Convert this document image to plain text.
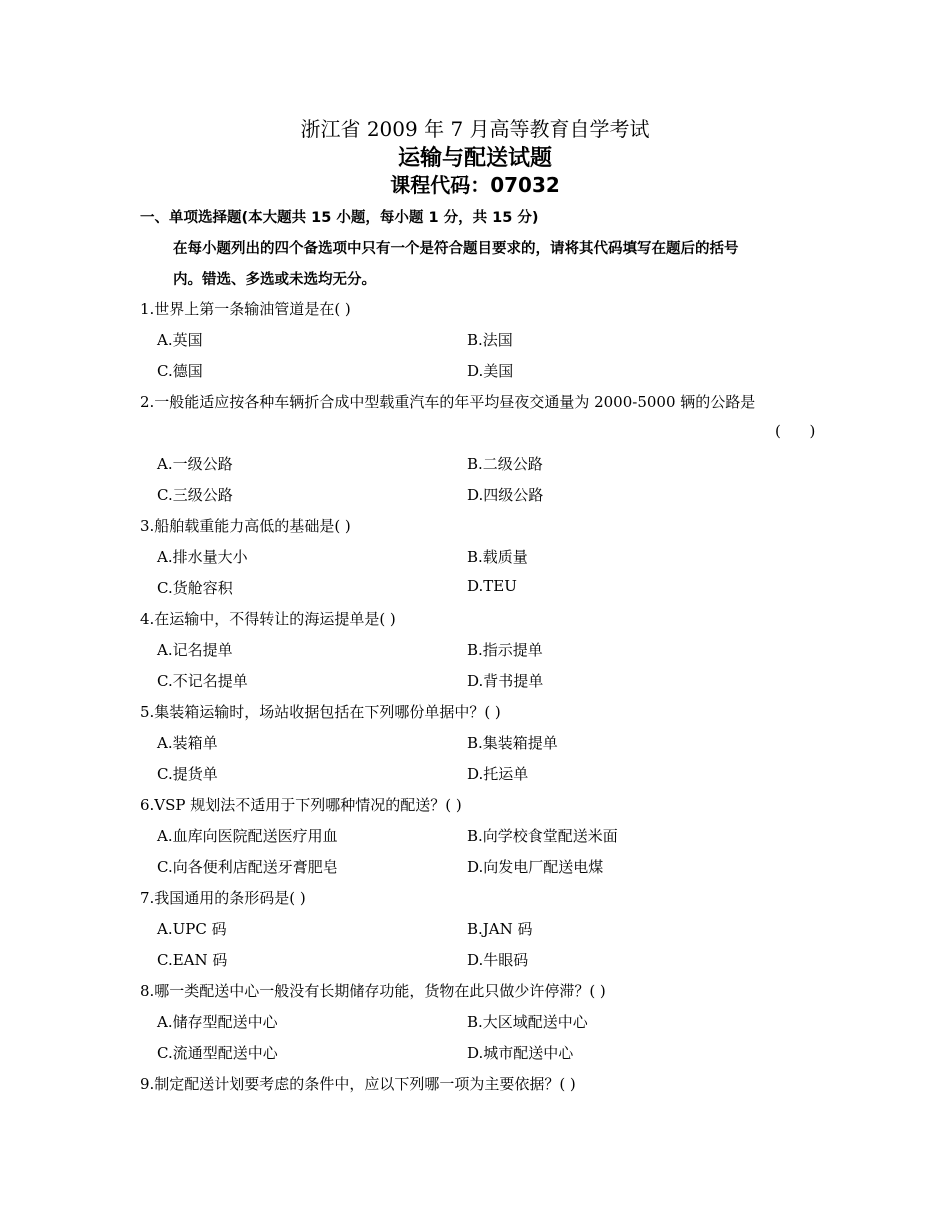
浙江省 2009 年 7 月高等教育自学考试
运输与配送试题
课程代码：07032
一、单项选择题(本大题共 15 小题，每小题 1 分，共 15 分)
在每小题列出的四个备选项中只有一个是符合题目要求的，请将其代码填写在题后的括号
内。错选、多选或未选均无分。
1.世界上第一条输油管道是在( )
A.英国	B.法国
C.德国	D.美国
2.一般能适应按各种车辆折合成中型载重汽车的年平均昼夜交通量为 2000-5000 辆的公路是
(      )
A.一级公路	B.二级公路
C.三级公路	D.四级公路
3.船舶载重能力高低的基础是( )
A.排水量大小	B.载质量
C.货舱容积	D.TEU
4.在运输中，不得转让的海运提单是( )
A.记名提单	B.指示提单
C.不记名提单	D.背书提单
5.集装箱运输时，场站收据包括在下列哪份单据中？( )
A.装箱单	B.集装箱提单
C.提货单	D.托运单
6.VSP 规划法不适用于下列哪种情况的配送？( )
A.血库向医院配送医疗用血	B.向学校食堂配送米面
C.向各便利店配送牙膏肥皂	D.向发电厂配送电煤
7.我国通用的条形码是( )
A.UPC 码	B.JAN 码
C.EAN 码	D.牛眼码
8.哪一类配送中心一般没有长期储存功能，货物在此只做少许停滞？( )
A.储存型配送中心	B.大区域配送中心
C.流通型配送中心	D.城市配送中心
9.制定配送计划要考虑的条件中，应以下列哪一项为主要依据？( )
